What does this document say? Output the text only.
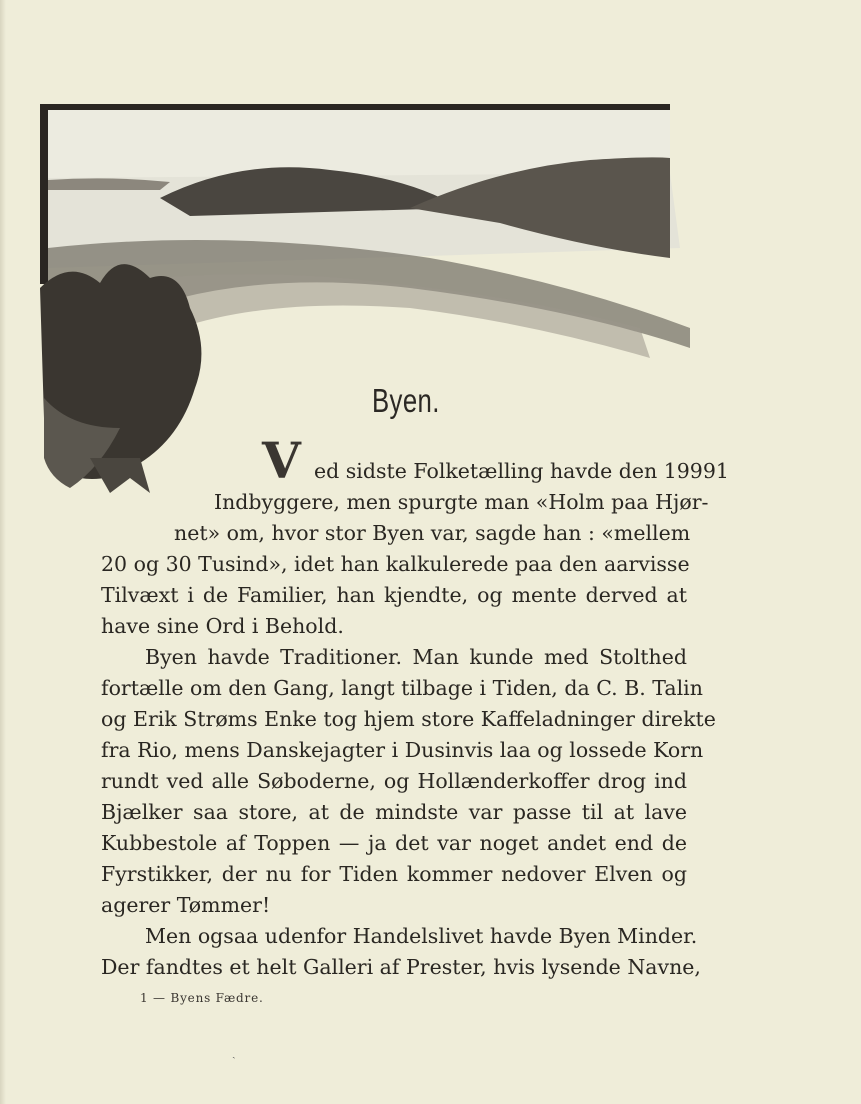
Byen.
V ed sidste Folketælling havde den 19991
Indbyggere, men spurgte man «Holm paa Hjør-
net» om, hvor stor Byen var, sagde han : «mellem
20 og 30 Tusind», idet han kalkulerede paa den aarvisse
Tilvæxt i de Familier, han kjendte, og mente derved at
have sine Ord i Behold.
Byen havde Traditioner. Man kunde med Stolthed
fortælle om den Gang, langt tilbage i Tiden, da C. B. Talin
og Erik Strøms Enke tog hjem store Kaffeladninger direkte
fra Rio, mens Danskejagter i Dusinvis laa og lossede Korn
rundt ved alle Søboderne, og Hollænderkoffer drog ind
Bjælker saa store, at de mindste var passe til at lave
Kubbestole af Toppen — ja det var noget andet end de
Fyrstikker, der nu for Tiden kommer nedover Elven og
agerer Tømmer!
Men ogsaa udenfor Handelslivet havde Byen Minder.
Der fandtes et helt Galleri af Prester, hvis lysende Navne,
1 — Byens Fædre.
ˎ
